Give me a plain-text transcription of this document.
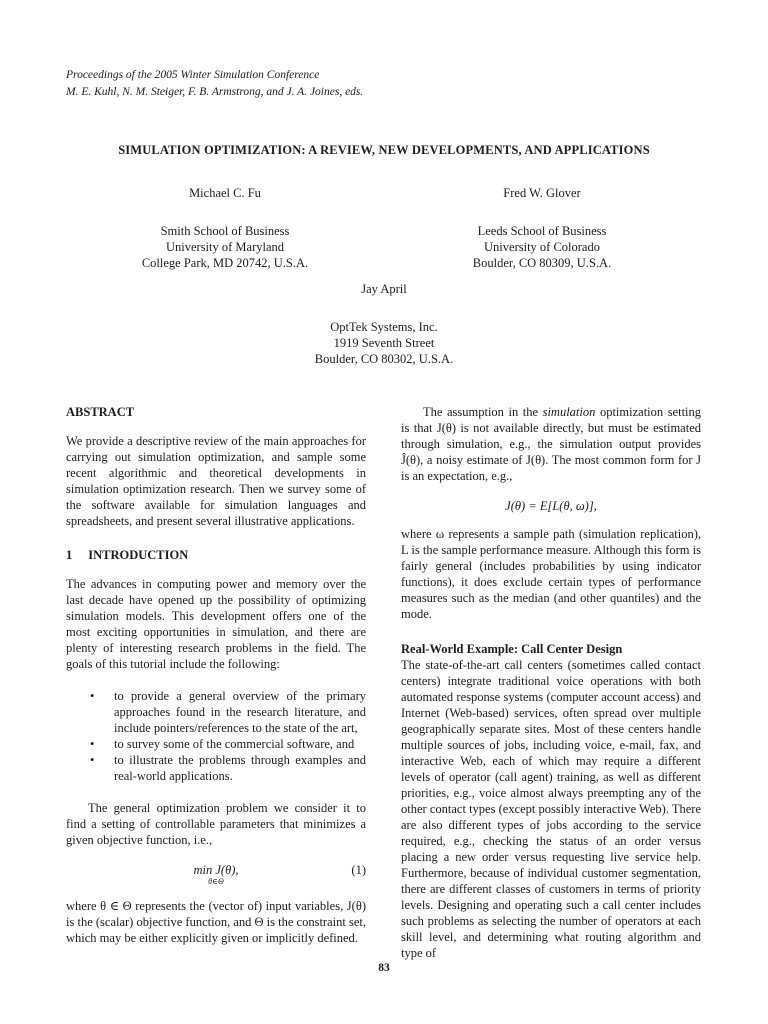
Proceedings of the 2005 Winter Simulation Conference
M. E. Kuhl, N. M. Steiger, F. B. Armstrong, and J. A. Joines, eds.
SIMULATION OPTIMIZATION: A REVIEW, NEW DEVELOPMENTS, AND APPLICATIONS
Michael C. Fu
Smith School of Business
University of Maryland
College Park, MD 20742, U.S.A.
Fred W. Glover
Leeds School of Business
University of Colorado
Boulder, CO 80309, U.S.A.
Jay April
OptTek Systems, Inc.
1919 Seventh Street
Boulder, CO 80302, U.S.A.

ABSTRACT

We provide a descriptive review of the main approaches for carrying out simulation optimization, and sample some recent algorithmic and theoretical developments in simulation optimization research. Then we survey some of the software available for simulation languages and spreadsheets, and present several illustrative applications.

1 INTRODUCTION

The advances in computing power and memory over the last decade have opened up the possibility of optimizing simulation models. This development offers one of the most exciting opportunities in simulation, and there are plenty of interesting research problems in the field. The goals of this tutorial include the following:

• to provide a general overview of the primary approaches found in the research literature, and include pointers/references to the state of the art,
• to survey some of the commercial software, and
• to illustrate the problems through examples and real-world applications.

The general optimization problem we consider it to find a setting of controllable parameters that minimizes a given objective function, i.e.,

min J(θ),
θ∈Θ
(1)

where θ ∈ Θ represents the (vector of) input variables, J(θ) is the (scalar) objective function, and Θ is the constraint set, which may be either explicitly given or implicitly defined.

The assumption in the simulation optimization setting is that J(θ) is not available directly, but must be estimated through simulation, e.g., the simulation output provides Ĵ(θ), a noisy estimate of J(θ). The most common form for J is an expectation, e.g.,

J(θ) = E[L(θ, ω)],

where ω represents a sample path (simulation replication), L is the sample performance measure. Although this form is fairly general (includes probabilities by using indicator functions), it does exclude certain types of performance measures such as the median (and other quantiles) and the mode.

Real-World Example: Call Center Design

The state-of-the-art call centers (sometimes called contact centers) integrate traditional voice operations with both automated response systems (computer account access) and Internet (Web-based) services, often spread over multiple geographically separate sites. Most of these centers handle multiple sources of jobs, including voice, e-mail, fax, and interactive Web, each of which may require a different levels of operator (call agent) training, as well as different priorities, e.g., voice almost always preempting any of the other contact types (except possibly interactive Web). There are also different types of jobs according to the service required, e.g., checking the status of an order versus placing a new order versus requesting live service help. Furthermore, because of individual customer segmentation, there are different classes of customers in terms of priority levels. Designing and operating such a call center includes such problems as selecting the number of operators at each skill level, and determining what routing algorithm and type of

83
